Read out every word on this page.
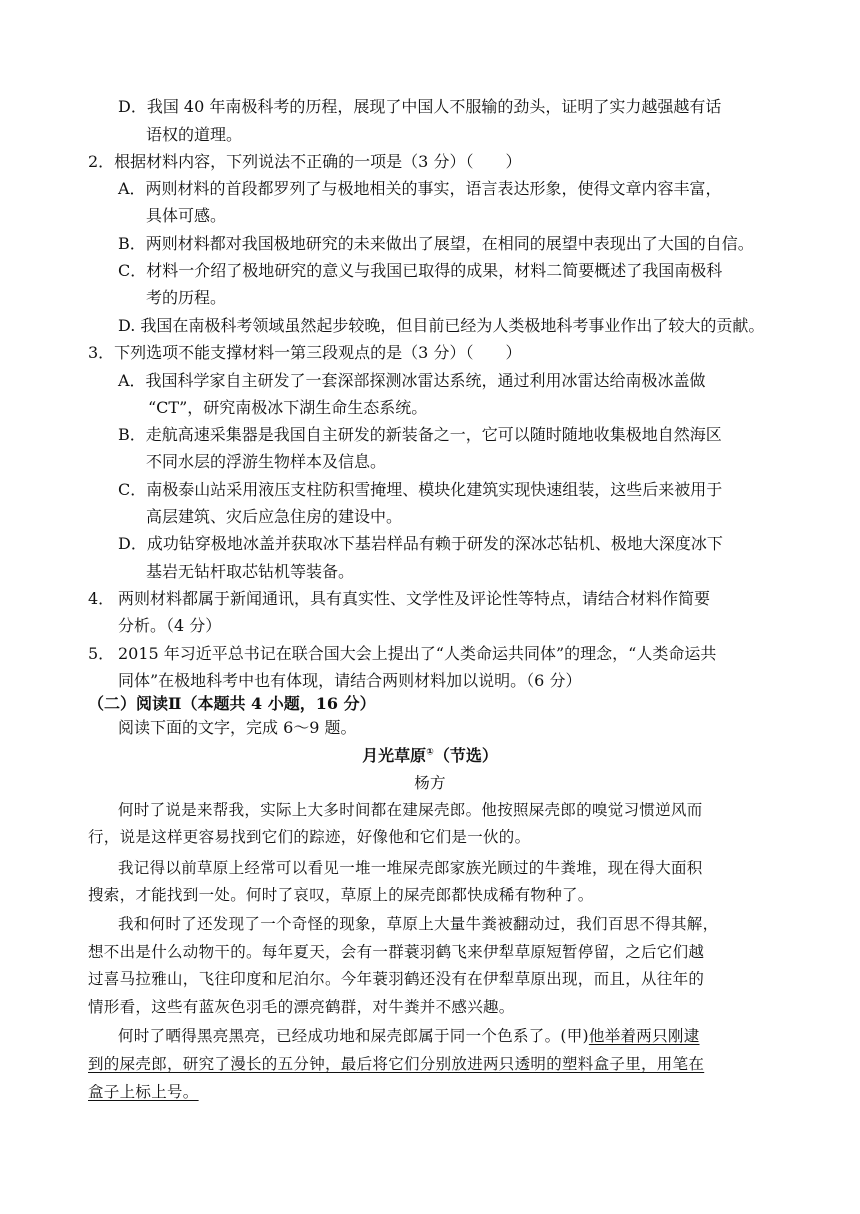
D．我国 40 年南极科考的历程，展现了中国人不服输的劲头，证明了实力越强越有话
语权的道理。
2．根据材料内容，下列说法不正确的一项是（3 分）（　　）
A．两则材料的首段都罗列了与极地相关的事实，语言表达形象，使得文章内容丰富，
具体可感。
B．两则材料都对我国极地研究的未来做出了展望，在相同的展望中表现出了大国的自信。
C．材料一介绍了极地研究的意义与我国已取得的成果，材料二简要概述了我国南极科
考的历程。
D. 我国在南极科考领域虽然起步较晚，但目前已经为人类极地科考事业作出了较大的贡献。
3．下列选项不能支撑材料一第三段观点的是（3 分）（　　）
A．我国科学家自主研发了一套深部探测冰雷达系统，通过利用冰雷达给南极冰盖做
“CT”，研究南极冰下湖生命生态系统。
B．走航高速采集器是我国自主研发的新装备之一，它可以随时随地收集极地自然海区
不同水层的浮游生物样本及信息。
C．南极泰山站采用液压支柱防积雪掩埋、模块化建筑实现快速组装，这些后来被用于
高层建筑、灾后应急住房的建设中。
D．成功钻穿极地冰盖并获取冰下基岩样品有赖于研发的深冰芯钻机、极地大深度冰下
基岩无钻杆取芯钻机等装备。
4． 两则材料都属于新闻通讯，具有真实性、文学性及评论性等特点，请结合材料作简要
分析。（4 分）
5． 2015 年习近平总书记在联合国大会上提出了“人类命运共同体”的理念，“人类命运共
同体”在极地科考中也有体现，请结合两则材料加以说明。（6 分）
（二）阅读Ⅱ（本题共 4 小题，16 分）
阅读下面的文字，完成 6～9 题。
月光草原①（节选）
杨方
何时了说是来帮我，实际上大多时间都在建屎壳郎。他按照屎壳郎的嗅觉习惯逆风而
行，说是这样更容易找到它们的踪迹，好像他和它们是一伙的。
我记得以前草原上经常可以看见一堆一堆屎壳郎家族光顾过的牛粪堆，现在得大面积
搜索，才能找到一处。何时了哀叹，草原上的屎壳郎都快成稀有物种了。
我和何时了还发现了一个奇怪的现象，草原上大量牛粪被翻动过，我们百思不得其解，
想不出是什么动物干的。每年夏天，会有一群蓑羽鹤飞来伊犁草原短暂停留，之后它们越
过喜马拉雅山，飞往印度和尼泊尔。今年蓑羽鹤还没有在伊犁草原出现，而且，从往年的
情形看，这些有蓝灰色羽毛的漂亮鹤群，对牛粪并不感兴趣。
何时了晒得黑亮黑亮，已经成功地和屎壳郎属于同一个色系了。(甲)他举着两只刚逮
到的屎壳郎，研究了漫长的五分钟，最后将它们分别放进两只透明的塑料盒子里，用笔在
盒子上标上号。
